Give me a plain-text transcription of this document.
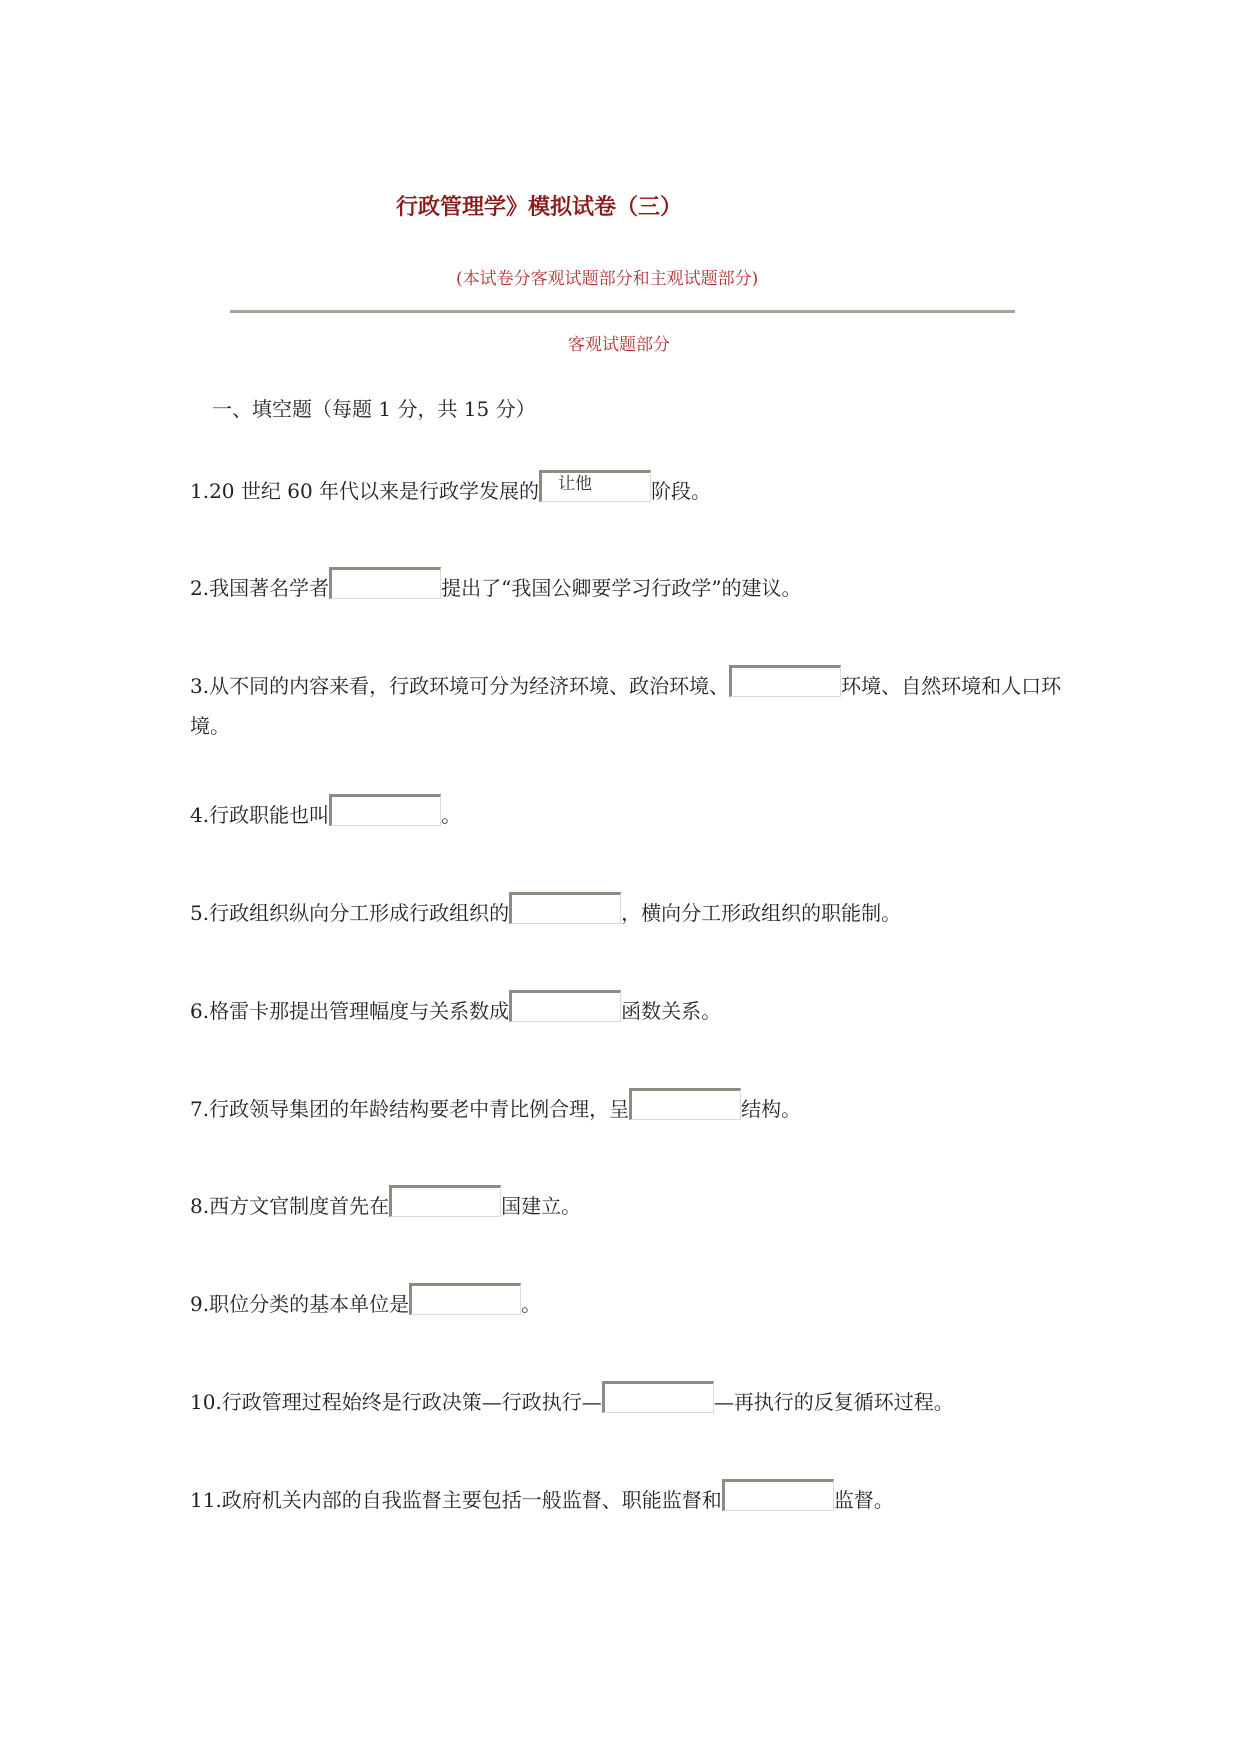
行政管理学》模拟试卷（三）
(本试卷分客观试题部分和主观试题部分)
客观试题部分
一、填空题（每题 1 分，共 15 分）
1.20 世纪 60 年代以来是行政学发展的 让他	阶段。
2.我国著名学者	提出了“我国公卿要学习行政学”的建议。
3.从不同的内容来看，行政环境可分为经济环境、政治环境、	环境、自然环境和人口环境。
4.行政职能也叫	。
5.行政组织纵向分工形成行政组织的	，横向分工形政组织的职能制。
6.格雷卡那提出管理幅度与关系数成	函数关系。
7.行政领导集团的年龄结构要老中青比例合理，呈	结构。
8.西方文官制度首先在	国建立。
9.职位分类的基本单位是	。
10.行政管理过程始终是行政决策—行政执行—	—再执行的反复循环过程。
11.政府机关内部的自我监督主要包括一般监督、职能监督和	监督。
